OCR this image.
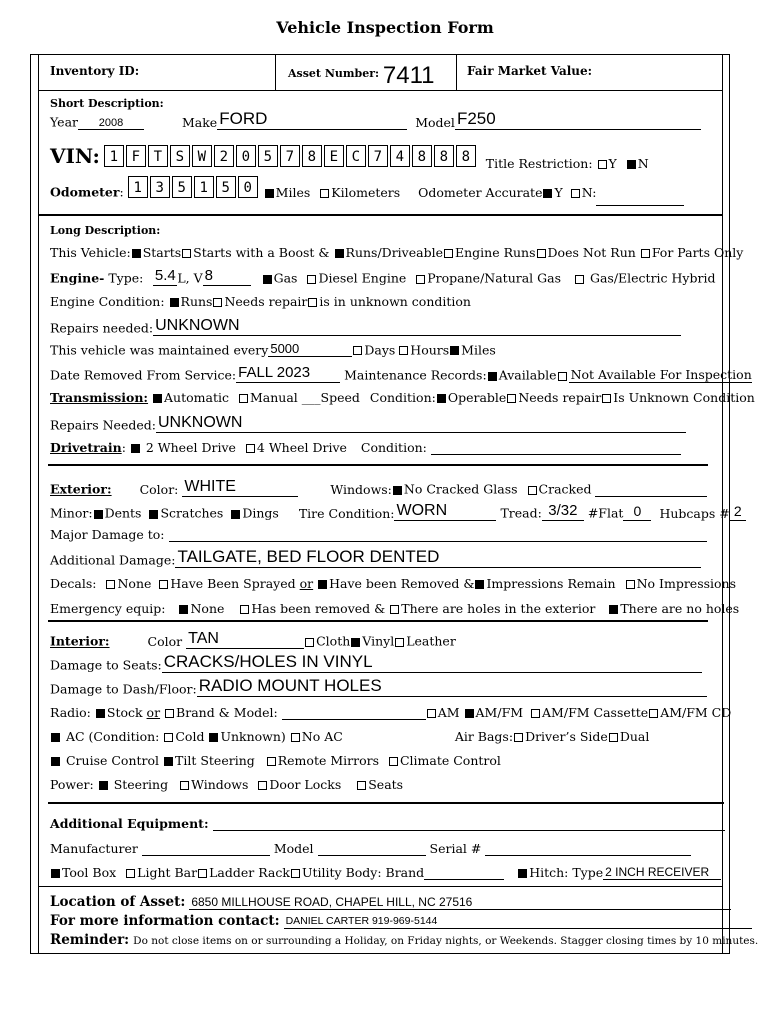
Vehicle Inspection Form
Inventory ID:	Asset Number: 7411	Fair Market Value:
Short Description:
Year 2008	Make FORD	Model F250
VIN: 1 F T S W 2 0 5 7 8 E C 7 4 8 8 8 Title Restriction: Y N
Odometer: 1 3 5 1 5 0 Miles Kilometers Odometer Accurate Y N:
Long Description:
This Vehicle: Starts Starts with a Boost & Runs/Driveable Engine Runs Does Not Run For Parts Only
Engine- Type: 5.4 L, V 8	Gas Diesel Engine Propane/Natural Gas Gas/Electric Hybrid
Engine Condition: Runs Needs repair is in unknown condition
Repairs needed: UNKNOWN
This vehicle was maintained every 5000	Days Hours Miles
Date Removed From Service: FALL 2023	Maintenance Records: Available Not Available For Inspection
Transmission: Automatic Manual ___Speed Condition: Operable Needs repair Is Unknown Condition
Repairs Needed: UNKNOWN
Drivetrain:  2 Wheel Drive 4 Wheel Drive Condition:
Exterior: Color: WHITE	Windows: No Cracked Glass Cracked
Minor: Dents Scratches Dings Tire Condition: WORN	Tread: 3/32 #Flat 0 Hubcaps # 2
Major Damage to:
Additional Damage: TAILGATE, BED FLOOR DENTED
Decals: None Have Been Sprayed or Have been Removed & Impressions Remain No Impressions
Emergency equip: None Has been removed & There are holes in the exterior There are no holes
Interior:	Color TAN	Cloth Vinyl Leather
Damage to Seats: CRACKS/HOLES IN VINYL
Damage to Dash/Floor: RADIO MOUNT HOLES
Radio: Stock or Brand & Model:	AM AM/FM AM/FM Cassette AM/FM CD
AC (Condition: Cold Unknown) No AC	Air Bags: Driver’s Side Dual
Cruise Control Tilt Steering Remote Mirrors Climate Control
Power: Steering Windows Door Locks Seats
Additional Equipment:
Manufacturer	Model	Serial #
Tool Box Light Bar Ladder Rack Utility Body: Brand	Hitch: Type 2 INCH RECEIVER
Location of Asset: 6850 MILLHOUSE ROAD, CHAPEL HILL, NC 27516
For more information contact: DANIEL CARTER 919-969-5144
Reminder: Do not close items on or surrounding a Holiday, on Friday nights, or Weekends. Stagger closing times by 10 minutes.
